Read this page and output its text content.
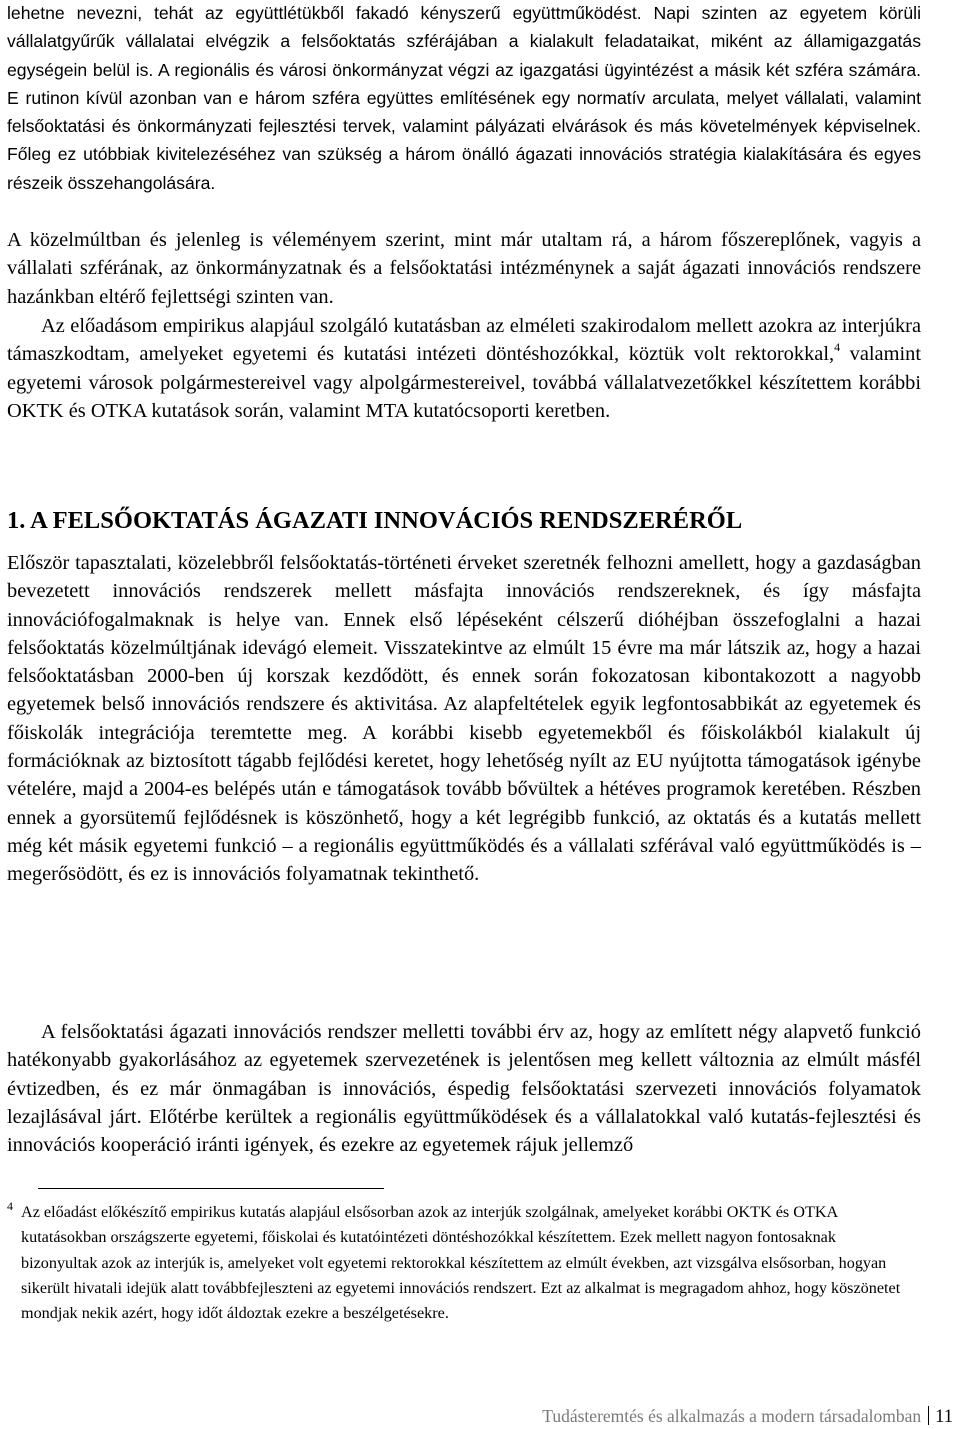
lehetne nevezni, tehát az együttlétükből fakadó kényszerű együttműködést. Napi szinten az egyetem körüli vállalatgyűrűk vállalatai elvégzik a felsőoktatás szférájában a kialakult feladataikat, miként az államigazgatás egységein belül is. A regionális és városi önkormányzat végzi az igazgatási ügyintézést a másik két szféra számára. E rutinon kívül azonban van e három szféra együttes említésének egy normatív arculata, melyet vállalati, valamint felsőoktatási és önkormányzati fejlesztési tervek, valamint pályázati elvárások és más követelmények képviselnek. Főleg ez utóbbiak kivitelezéséhez van szükség a három önálló ágazati innovációs stratégia kialakítására és egyes részeik összehangolására.

A közelmúltban és jelenleg is véleményem szerint, mint már utaltam rá, a három főszereplőnek, vagyis a vállalati szférának, az önkormányzatnak és a felsőoktatási intézménynek a saját ágazati innovációs rendszere hazánkban eltérő fejlettségi szinten van.

Az előadásom empirikus alapjául szolgáló kutatásban az elméleti szakirodalom mellett azokra az interjúkra támaszkodtam, amelyeket egyetemi és kutatási intézeti döntéshozókkal, köztük volt rektorokkal,$^4$ valamint egyetemi városok polgármestereivel vagy alpolgármestereivel, továbbá vállalatvezetőkkel készítettem korábbi OKTK és OTKA kutatások során, valamint MTA kutatócsoporti keretben.

1. A FELSŐOKTATÁS ÁGAZATI INNOVÁCIÓS RENDSZERÉRŐL

Először tapasztalati, közelebbről felsőoktatás-történeti érveket szeretnék felhozni amellett, hogy a gazdaságban bevezetett innovációs rendszerek mellett másfajta innovációs rendszereknek, és így másfajta innovációfogalmaknak is helye van. Ennek első lépéseként célszerű dióhéjban összefoglalni a hazai felsőoktatás közelmúltjának idevágó elemeit. Visszatekintve az elmúlt 15 évre ma már látszik az, hogy a hazai felsőoktatásban 2000-ben új korszak kezdődött, és ennek során fokozatosan kibontakozott a nagyobb egyetemek belső innovációs rendszere és aktivitása. Az alapfeltételek egyik legfontosabbikát az egyetemek és főiskolák integrációja teremtette meg. A korábbi kisebb egyetemekből és főiskolákból kialakult új formációknak az biztosított tágabb fejlődési keretet, hogy lehetőség nyílt az EU nyújtotta támogatások igénybe vételére, majd a 2004-es belépés után e támogatások tovább bővültek a hétéves programok keretében. Részben ennek a gyorsütemű fejlődésnek is köszönhető, hogy a két legrégibb funkció, az oktatás és a kutatás mellett még két másik egyetemi funkció – a regionális együttműködés és a vállalati szférával való együttműködés is – megerősödött, és ez is innovációs folyamatnak tekinthető.

A felsőoktatási ágazati innovációs rendszer melletti további érv az, hogy az említett négy alapvető funkció hatékonyabb gyakorlásához az egyetemek szervezetének is jelentősen meg kellett változnia az elmúlt másfél évtizedben, és ez már önmagában is innovációs, éspedig felsőoktatási szervezeti innovációs folyamatok lezajlásával járt. Előtérbe kerültek a regionális együttműködések és a vállalatokkal való kutatás-fejlesztési és innovációs kooperáció iránti igények, és ezekre az egyetemek rájuk jellemző

4 Az előadást előkészítő empirikus kutatás alapjául elsősorban azok az interjúk szolgálnak, amelyeket korábbi OKTK és OTKA kutatásokban országszerte egyetemi, főiskolai és kutatóintézeti döntéshozókkal készítettem. Ezek mellett nagyon fontosaknak bizonyultak azok az interjúk is, amelyeket volt egyetemi rektorokkal készítettem az elmúlt években, azt vizsgálva elsősorban, hogyan sikerült hivatali idejük alatt továbbfejleszteni az egyetemi innovációs rendszert. Ezt az alkalmat is megragadom ahhoz, hogy köszönetet mondjak nekik azért, hogy időt áldoztak ezekre a beszélgetésekre.

Tudásteremtés és alkalmazás a modern társadalomban 11
